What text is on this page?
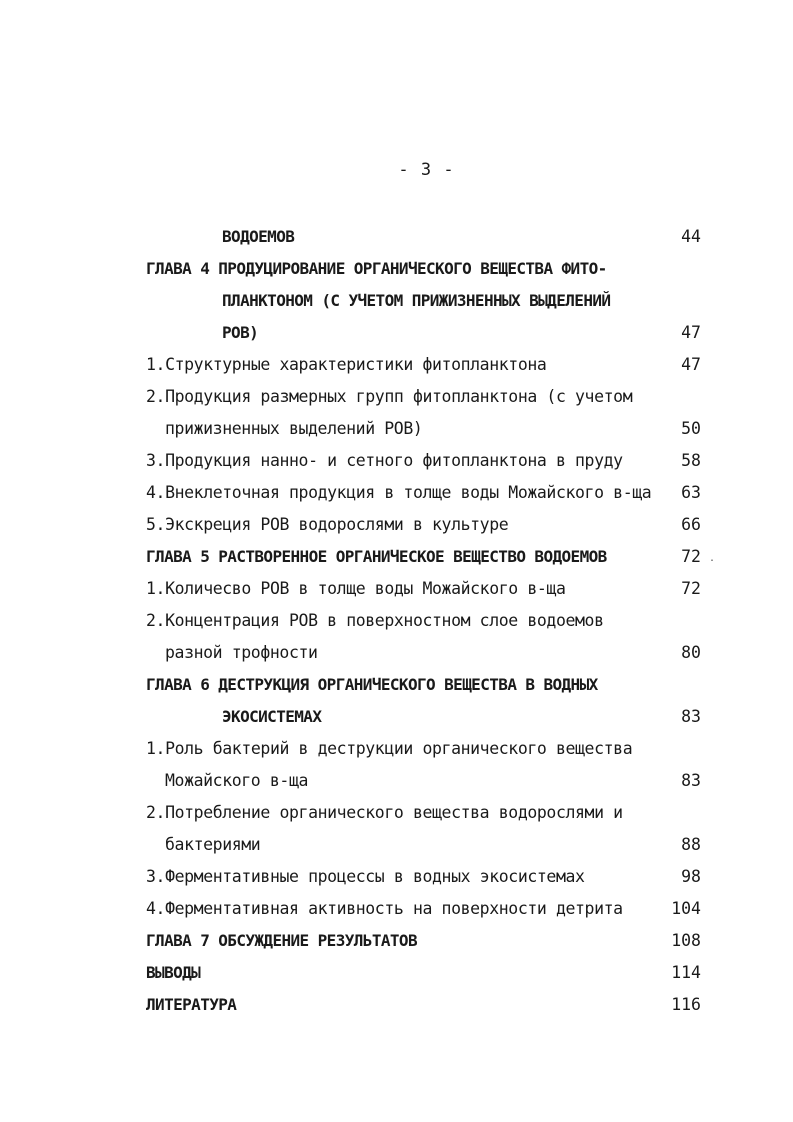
- 3 -
ВОДОЕМОВ	44
ГЛАВА 4 ПРОДУЦИРОВАНИЕ ОРГАНИЧЕСКОГО ВЕЩЕСТВА ФИТО-
ПЛАНКТОНОМ (С УЧЕТОМ ПРИЖИЗНЕННЫХ ВЫДЕЛЕНИЙ
РОВ)	47
1.Структурные характеристики фитопланктона	47
2.Продукция размерных групп фитопланктона (с учетом
прижизненных выделений РОВ)	50
3.Продукция нанно- и сетного фитопланктона в пруду	58
4.Внеклеточная продукция в толще воды Можайского в-ща 63
5.Экскреция РОВ водорослями в культуре	66
ГЛАВА 5 РАСТВОРЕННОЕ ОРГАНИЧЕСКОЕ ВЕЩЕСТВО ВОДОЕМОВ	72
1.Количесво РОВ в толще воды Можайского в-ща	72
2.Концентрация РОВ в поверхностном слое водоемов
разной трофности	80
ГЛАВА 6 ДЕСТРУКЦИЯ ОРГАНИЧЕСКОГО ВЕЩЕСТВА В ВОДНЫХ
ЭКОСИСТЕМАХ	83
1.Роль бактерий в деструкции органического вещества
Можайского в-ща	83
2.Потребление органического вещества водорослями и
бактериями	88
3.Ферментативные процессы в водных экосистемах	98
4.Ферментативная активность на поверхности детрита	104
ГЛАВА 7 ОБСУЖДЕНИЕ РЕЗУЛЬТАТОВ	108
ВЫВОДЫ	114
ЛИТЕРАТУРА	116
.
